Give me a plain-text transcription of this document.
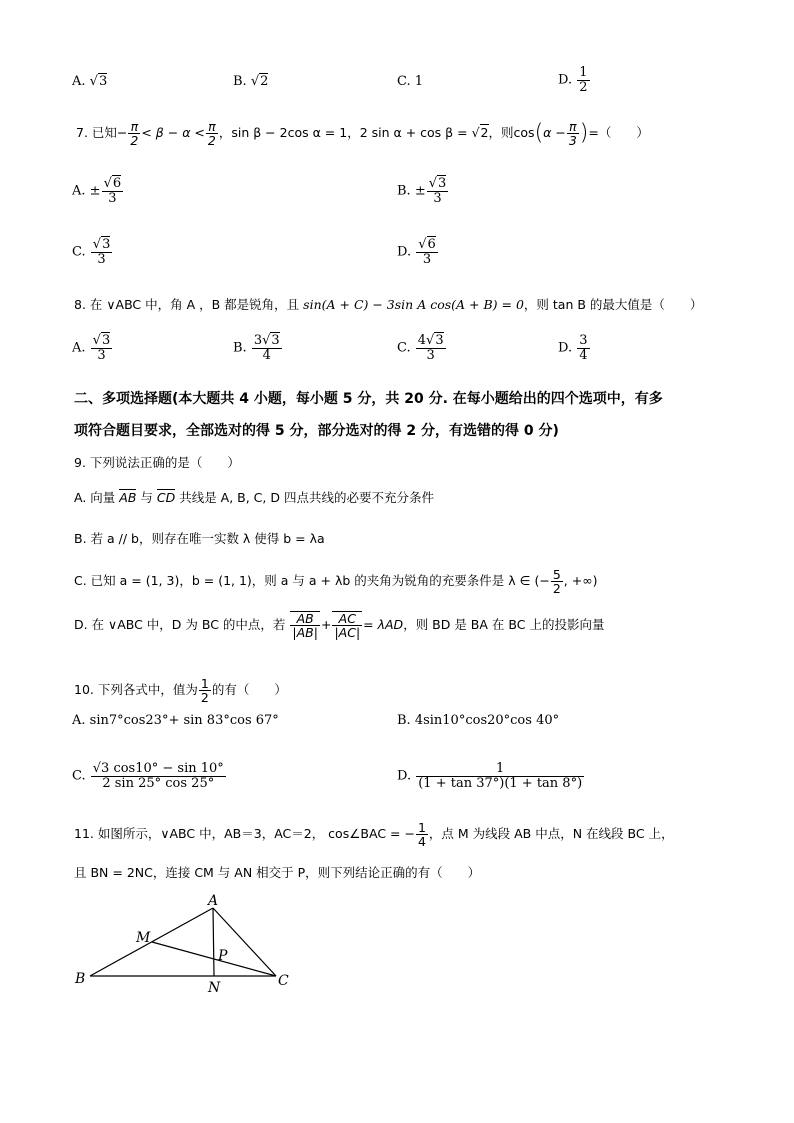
A. √3	B. √2	C. 1	D. $\frac{1}{2}$
7. 已知− $\frac{\pi}{2} < \beta - \alpha < \frac{\pi}{2}$ ，sin β − 2cos α = 1，2 sin α + cos β = √2，则$\cos(\alpha - \frac{\pi}{3}$ )=（　　）
A. ± $\frac{√6}{3}$	B. ± $\frac{√3}{3}$
C. $\frac{√3}{3}$	D. $\frac{√6}{3}$
8. 在 ∨ABC 中，角 A ，B 都是锐角，且 sin(A + C) − 3sin A cos(A + B) = 0，则 tan B 的最大值是（　　）
A. $\frac{√3}{3}$	B. $\frac{3√3}{4}$	C. $\frac{4√3}{3}$	D. $\frac{3}{4}$
二、多项选择题(本大题共 4 小题，每小题 5 分，共 20 分. 在每小题给出的四个选项中，有多
项符合题目要求，全部选对的得 5 分，部分选对的得 2 分，有选错的得 0 分)
9. 下列说法正确的是（　　）
A. 向量 AB 与 CD 共线是 A, B, C, D 四点共线的必要不充分条件
B. 若 a // b，则存在唯一实数 λ 使得 b = λa
C. 已知 a = (1, 3)，b = (1, 1)，则 a 与 a + λb 的夹角为锐角的充要条件是 λ ∈ (− $\frac{5}{2}$ , +∞)
D. 在 ∨ABC 中，D 为 BC 的中点，若 $\frac{AB}{|AB|} + \frac{AC}{|AC|} = \lambda AD$，则 BD 是 BA 在 BC 上的投影向量
10. 下列各式中，值为 $\frac{1}{2}$ 的有（　　）
A. sin7°cos23°+ sin 83°cos 67°	B. 4sin10°cos20°cos 40°
C. $\frac{√3 \cos 10^\circ - \sin 10^\circ}{2 \sin 25^\circ \cos 25^\circ}$	D. $\frac{1}{(1 + \tan 37^\circ)(1 + \tan 8^\circ)}$
11. 如图所示，∨ABC 中，AB＝3，AC＝2， cos∠BAC = − $\frac{1}{4}$ ，点 M 为线段 AB 中点，N 在线段 BC 上，
且 BN = 2NC，连接 CM 与 AN 相交于 P，则下列结论正确的有（　　）
A
B	C
M
N
P
